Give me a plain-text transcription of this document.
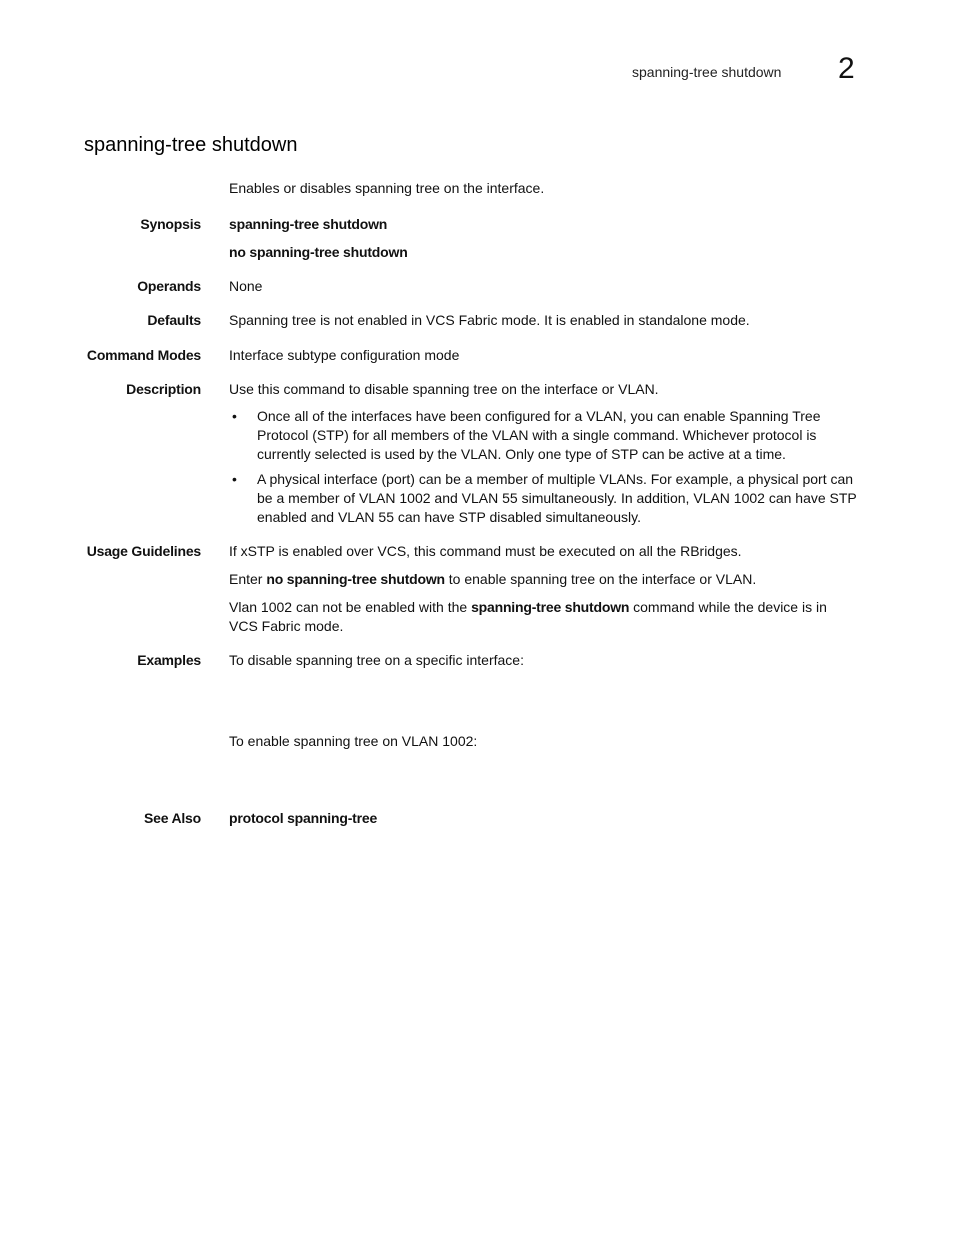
spanning-tree shutdown 2
spanning-tree shutdown
Enables or disables spanning tree on the interface.
Synopsis spanning-tree shutdown

no spanning-tree shutdown

Operands None
Defaults Spanning tree is not enabled in VCS Fabric mode. It is enabled in standalone mode.
Command Modes Interface subtype configuration mode
Description Use this command to disable spanning tree on the interface or VLAN.

• Once all of the interfaces have been configured for a VLAN, you can enable Spanning Tree Protocol (STP) for all members of the VLAN with a single command. Whichever protocol is currently selected is used by the VLAN. Only one type of STP can be active at a time.
• A physical interface (port) can be a member of multiple VLANs. For example, a physical port can be a member of VLAN 1002 and VLAN 55 simultaneously. In addition, VLAN 1002 can have STP enabled and VLAN 55 can have STP disabled simultaneously.
Usage Guidelines If xSTP is enabled over VCS, this command must be executed on all the RBridges.

Enter no spanning-tree shutdown to enable spanning tree on the interface or VLAN.

Vlan 1002 can not be enabled with the spanning-tree shutdown command while the device is in VCS Fabric mode.

Examples To disable spanning tree on a specific interface:
To enable spanning tree on VLAN 1002:
See Also protocol spanning-tree
